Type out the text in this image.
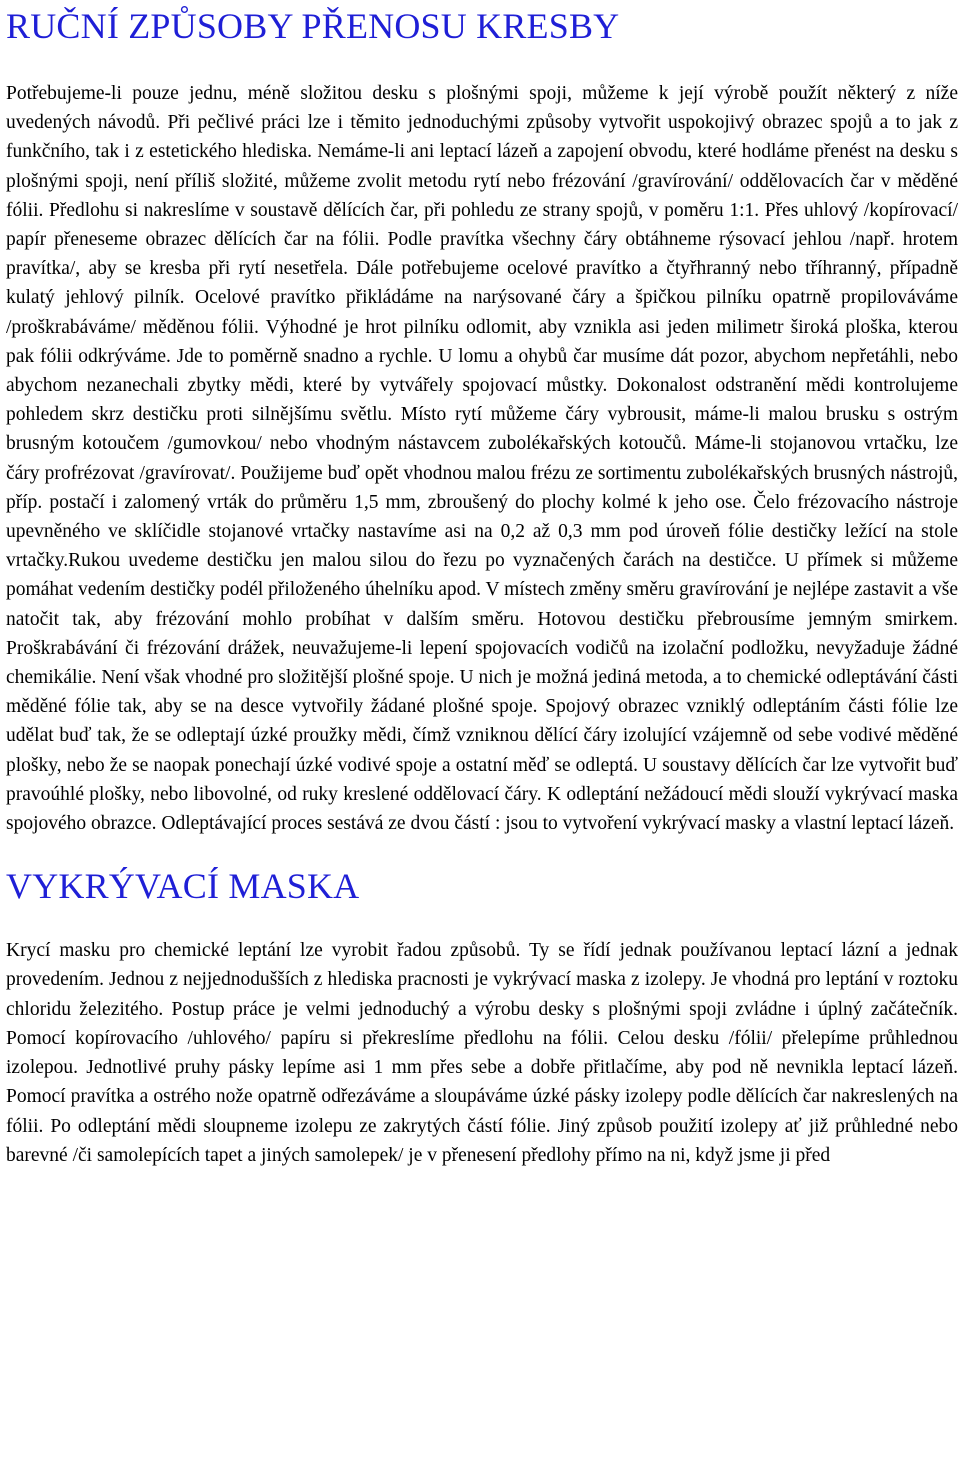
RUČNÍ ZPŮSOBY PŘENOSU KRESBY

Potřebujeme-li pouze jednu, méně složitou desku s plošnými spoji, můžeme k její výrobě použít některý z níže uvedených návodů. Při pečlivé práci lze i těmito jednoduchými způsoby vytvořit uspokojivý obrazec spojů a to jak z funkčního, tak i z estetického hlediska. Nemáme-li ani leptací lázeň a zapojení obvodu, které hodláme přenést na desku s plošnými spoji, není příliš složité, můžeme zvolit metodu rytí nebo frézování /gravírování/ oddělovacích čar v měděné fólii. Předlohu si nakreslíme v soustavě dělících čar, při pohledu ze strany spojů, v poměru 1:1. Přes uhlový /kopírovací/ papír přeneseme obrazec dělících čar na fólii. Podle pravítka všechny čáry obtáhneme rýsovací jehlou /např. hrotem pravítka/, aby se kresba při rytí nesetřela. Dále potřebujeme ocelové pravítko a čtyřhranný nebo tříhranný, případně kulatý jehlový pilník. Ocelové pravítko přikládáme na narýsované čáry a špičkou pilníku opatrně propilováváme /proškrabáváme/ měděnou fólii. Výhodné je hrot pilníku odlomit, aby vznikla asi jeden milimetr široká ploška, kterou pak fólii odkrýváme. Jde to poměrně snadno a rychle. U lomu a ohybů čar musíme dát pozor, abychom nepřetáhli, nebo abychom nezanechali zbytky mědi, které by vytvářely spojovací můstky. Dokonalost odstranění mědi kontrolujeme pohledem skrz destičku proti silnějšímu světlu. Místo rytí můžeme čáry vybrousit, máme-li malou brusku s ostrým brusným kotoučem /gumovkou/ nebo vhodným nástavcem zubolékařských kotoučů. Máme-li stojanovou vrtačku, lze čáry profrézovat /gravírovat/. Použijeme buď opět vhodnou malou frézu ze sortimentu zubolékařských brusných nástrojů, příp. postačí i zalomený vrták do průměru 1,5 mm, zbroušený do plochy kolmé k jeho ose. Čelo frézovacího nástroje upevněného ve sklíčidle stojanové vrtačky nastavíme asi na 0,2 až 0,3 mm pod úroveň fólie destičky ležící na stole vrtačky.Rukou uvedeme destičku jen malou silou do řezu po vyznačených čarách na destičce. U přímek si můžeme pomáhat vedením destičky podél přiloženého úhelníku apod. V místech změny směru gravírování je nejlépe zastavit a vše natočit tak, aby frézování mohlo probíhat v dalším směru. Hotovou destičku přebrousíme jemným smirkem. Proškrabávání či frézování drážek, neuvažujeme-li lepení spojovacích vodičů na izolační podložku, nevyžaduje žádné chemikálie. Není však vhodné pro složitější plošné spoje. U nich je možná jediná metoda, a to chemické odleptávání části měděné fólie tak, aby se na desce vytvořily žádané plošné spoje. Spojový obrazec vzniklý odleptáním části fólie lze udělat buď tak, že se odleptají úzké proužky mědi, čímž vzniknou dělící čáry izolující vzájemně od sebe vodivé měděné plošky, nebo že se naopak ponechají úzké vodivé spoje a ostatní měď se odleptá. U soustavy dělících čar lze vytvořit buď pravoúhlé plošky, nebo libovolné, od ruky kreslené oddělovací čáry. K odleptání nežádoucí mědi slouží vykrývací maska spojového obrazce. Odleptávající proces sestává ze dvou částí : jsou to vytvoření vykrývací masky a vlastní leptací lázeň.

VYKRÝVACÍ MASKA

Krycí masku pro chemické leptání lze vyrobit řadou způsobů. Ty se řídí jednak používanou leptací lázní a jednak provedením. Jednou z nejjednodušších z hlediska pracnosti je vykrývací maska z izolepy. Je vhodná pro leptání v roztoku chloridu železitého. Postup práce je velmi jednoduchý a výrobu desky s plošnými spoji zvládne i úplný začátečník. Pomocí kopírovacího /uhlového/ papíru si překreslíme předlohu na fólii. Celou desku /fólii/ přelepíme průhlednou izolepou. Jednotlivé pruhy pásky lepíme asi 1 mm přes sebe a dobře přitlačíme, aby pod ně nevnikla leptací lázeň. Pomocí pravítka a ostrého nože opatrně odřezáváme a sloupáváme úzké pásky izolepy podle dělících čar nakreslených na fólii. Po odleptání mědi sloupneme izolepu ze zakrytých částí fólie. Jiný způsob použití izolepy ať již průhledné nebo barevné /či samolepících tapet a jiných samolepek/ je v přenesení předlohy přímo na ni, když jsme ji před
